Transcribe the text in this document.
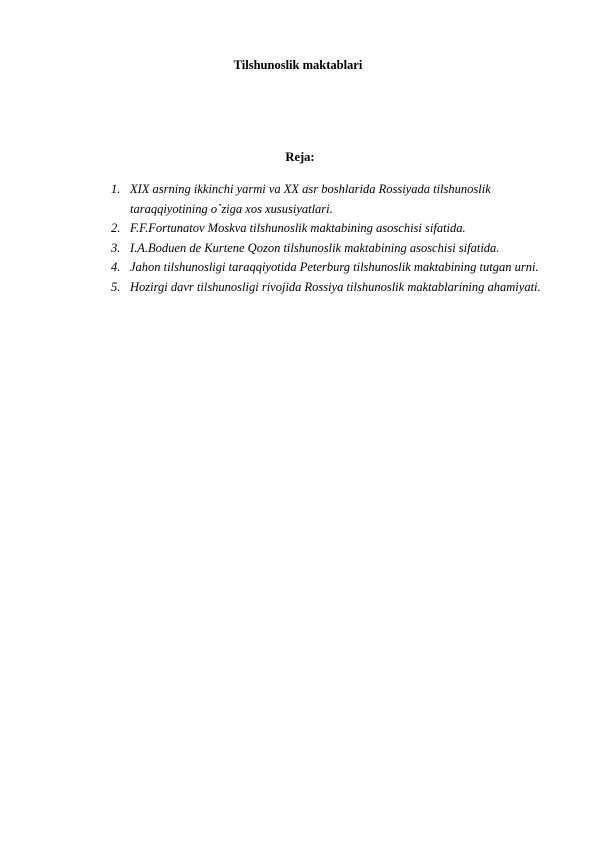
Tilshunoslik maktablari
Reja:
1. XIX asrning ikkinchi yarmi va XX asr boshlarida Rossiyada tilshunoslik taraqqiyotining o`ziga xos xususiyatlari.
2. F.F.Fortunatov Moskva tilshunoslik maktabining asoschisi sifatida.
3. I.A.Boduen de Kurtene Qozon tilshunoslik maktabining asoschisi sifatida.
4. Jahon tilshunosligi taraqqiyotida Peterburg tilshunoslik maktabining tutgan urni.
5. Hozirgi davr tilshunosligi rivojida Rossiya tilshunoslik maktablarining ahamiyati.
